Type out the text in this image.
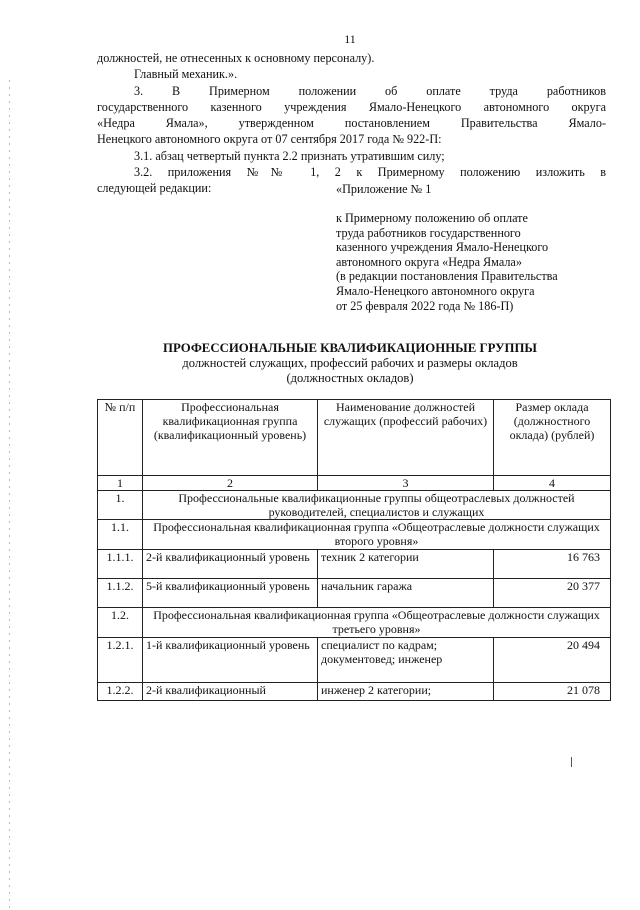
11
должностей, не отнесенных к основному персоналу).
Главный механик.».
3. В Примерном положении об оплате труда работников
государственного казенного учреждения Ямало-Ненецкого автономного округа
«Недра Ямала», утвержденном постановлением Правительства Ямало-
Ненецкого автономного округа от 07 сентября 2017 года № 922-П:
3.1. абзац четвертый пункта 2.2 признать утратившим силу;
3.2. приложения №№ 1, 2 к Примерному положению изложить в
следующей редакции:	«Приложение № 1
к Примерному положению об оплате
труда работников государственного
казенного учреждения Ямало-Ненецкого
автономного округа «Недра Ямала»
(в редакции постановления Правительства
Ямало-Ненецкого автономного округа
от 25 февраля 2022 года № 186-П)
ПРОФЕССИОНАЛЬНЫЕ КВАЛИФИКАЦИОННЫЕ ГРУППЫ
должностей служащих, профессий рабочих и размеры окладов
(должностных окладов)
№ п/п	Профессиональная квалификационная группа (квалификационный уровень)	Наименование должностей служащих (профессий рабочих)	Размер оклада (должностного оклада) (рублей)
1	2	3	4
1.	Профессиональные квалификационные группы общеотраслевых должностей руководителей, специалистов и служащих		
1.1.	Профессиональная квалификационная группа «Общеотраслевые должности служащих второго уровня»		
1.1.1.	2-й квалификационный уровень	техник 2 категории	16 763
1.1.2.	5-й квалификационный уровень	начальник гаража	20 377
1.2.	Профессиональная квалификационная группа «Общеотраслевые должности служащих третьего уровня»		
1.2.1.	1-й квалификационный уровень	специалист по кадрам; документовед; инженер	20 494
1.2.2.	2-й квалификационный	инженер 2 категории;	21 078
